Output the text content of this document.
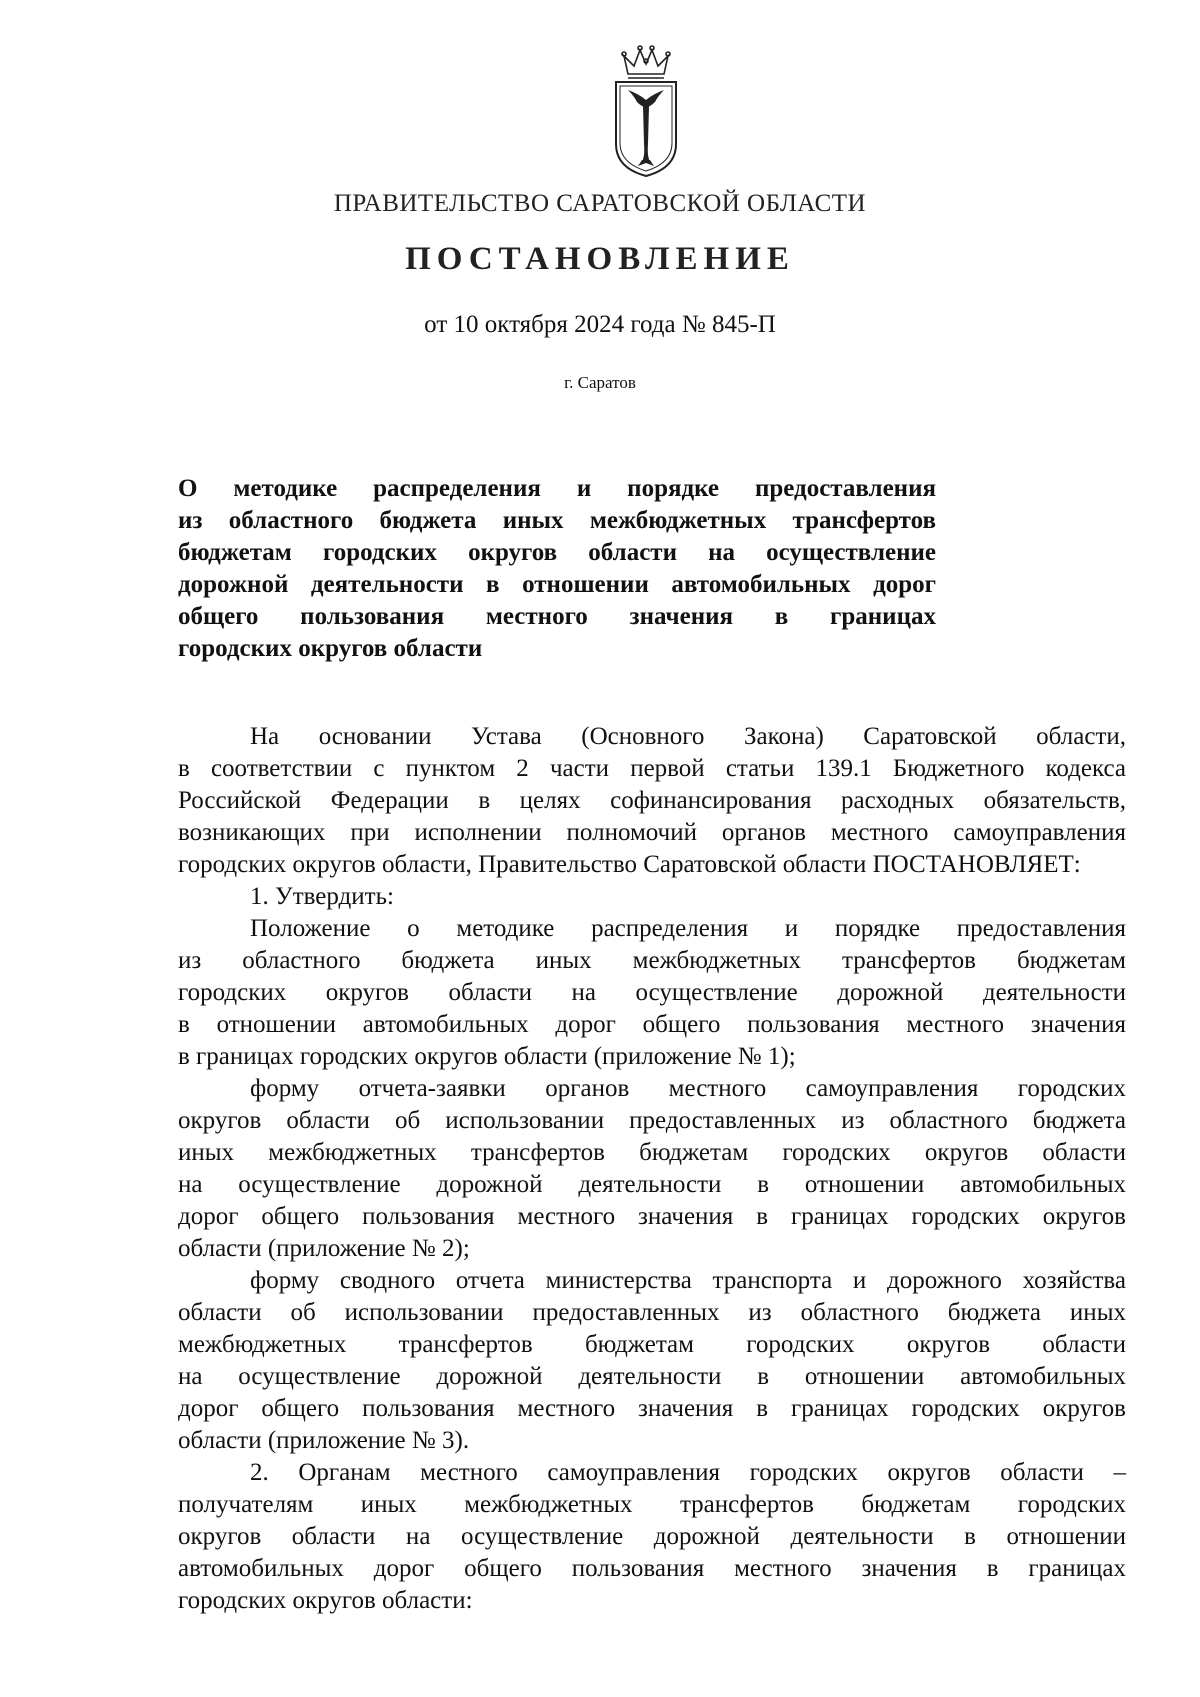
ПРАВИТЕЛЬСТВО САРАТОВСКОЙ ОБЛАСТИ
ПОСТАНОВЛЕНИЕ
от 10 октября 2024 года № 845-П
г. Саратов
О методике распределения и порядке предоставления
из областного бюджета иных межбюджетных трансфертов
бюджетам городских округов области на осуществление
дорожной деятельности в отношении автомобильных дорог
общего пользования местного значения в границах
городских округов области
На основании Устава (Основного Закона) Саратовской области,
в соответствии с пунктом 2 части первой статьи 139.1 Бюджетного кодекса
Российской Федерации в целях софинансирования расходных обязательств,
возникающих при исполнении полномочий органов местного самоуправления
городских округов области, Правительство Саратовской области ПОСТАНОВЛЯЕТ:
1. Утвердить:
Положение о методике распределения и порядке предоставления
из областного бюджета иных межбюджетных трансфертов бюджетам
городских округов области на осуществление дорожной деятельности
в отношении автомобильных дорог общего пользования местного значения
в границах городских округов области (приложение № 1);
форму отчета-заявки органов местного самоуправления городских
округов области об использовании предоставленных из областного бюджета
иных межбюджетных трансфертов бюджетам городских округов области
на осуществление дорожной деятельности в отношении автомобильных
дорог общего пользования местного значения в границах городских округов
области (приложение № 2);
форму сводного отчета министерства транспорта и дорожного хозяйства
области об использовании предоставленных из областного бюджета иных
межбюджетных трансфертов бюджетам городских округов области
на осуществление дорожной деятельности в отношении автомобильных
дорог общего пользования местного значения в границах городских округов
области (приложение № 3).
2. Органам местного самоуправления городских округов области –
получателям иных межбюджетных трансфертов бюджетам городских
округов области на осуществление дорожной деятельности в отношении
автомобильных дорог общего пользования местного значения в границах
городских округов области:
